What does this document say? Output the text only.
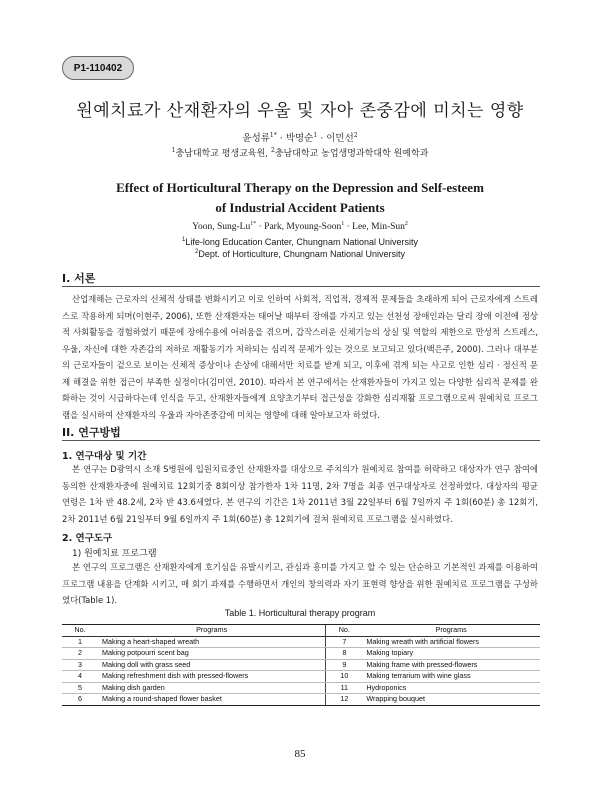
P1-110402
원예치료가 산재환자의 우울 및 자아 존중감에 미치는 영향
윤성류$^{1*}$ · 박명순$^1$ · 이민선$^2$
$^1$충남대학교 평생교육원, $^2$충남대학교 농업생명과학대학 원예학과
Effect of Horticultural Therapy on the Depression and Self-esteem
of Industrial Accident Patients
Yoon, Sung-$Lu^{1*}$ · Park, Myoung-Soon$^1$ · Lee, Min-Sun$^2$
$^1$Life-long Education Canter, Chungnam National University
$^2$Dept. of Horticulture, Chungnam National University
I. 서론
산업재해는 근로자의 신체적 상태를 변화시키고 이로 인하여 사회적, 직업적, 경제적 문제들을 초래하게 되어 근로자에게 스트레스로 작용하게 되며(이현주, 2006), 또한 산재환자는 태어날 때부터 장애를 가지고 있는 선천성 장애인과는 달리 장애 이전에 정상적 사회활동을 경험하였기 때문에 장애수용에 어려움을 겪으며, 갑작스러운 신체기능의 상실 및 역할의 제한으로 만성적 스트레스, 우울, 자신에 대한 자존감의 저하로 재활동기가 저하되는 심리적 문제가 있는 것으로 보고되고 있다(백은주, 2000). 그러나 대부분의 근로자들이 겉으로 보이는 신체적 증상이나 손상에 대해서만 치료를 받게 되고, 이후에 겪게 되는 사고로 인한 심리 · 정신적 문제 해결을 위한 접근이 부족한 실정이다(김미연, 2010). 따라서 본 연구에서는 산재환자들이 가지고 있는 다양한 심리적 문제를 완화하는 것이 시급하다는데 인식을 두고, 산재환자들에게 요양초기부터 접근성을 강화한 심리재활 프로그램으로써 원예치료 프로그램을 실시하여 산재환자의 우울과 자아존중감에 미치는 영향에 대해 알아보고자 하였다.
II. 연구방법
1. 연구대상 및 기간
본 연구는 D광역시 소재 S병원에 입원치료중인 산재환자를 대상으로 주치의가 원예치료 참여를 허락하고 대상자가 연구 참여에 동의한 산재환자중에 원예치료 12회기중 8회이상 참가한자 1차 11명, 2차 7명을 최종 연구대상자로 선정하였다. 대상자의 평균 연령은 1차 반 48.2세, 2차 반 43.6세였다. 본 연구의 기간은 1차 2011년 3월 22일부터 6월 7일까지 주 1회(60분) 총 12회기, 2차 2011년 6월 21일부터 9월 6일까지 주 1회(60분) 총 12회기에 걸쳐 원예치료 프로그램을 실시하였다.
2. 연구도구
1) 원예치료 프로그램
본 연구의 프로그램은 산재환자에게 호기심을 유발시키고, 관심과 흥미를 가지고 할 수 있는 단순하고 기본적인 과제를 이용하여 프로그램 내용을 단계화 시키고, 매 회기 과제를 수행하면서 개인의 창의력과 자기 표현력 향상을 위한 원예치료 프로그램을 구성하였다(Table 1).
Table 1. Horticultural therapy program
No.	Programs	No.	Programs
1	Making a heart-shaped wreath	7	Making wreath with artificial flowers
2	Making potpourri scent bag	8	Making topiary
3	Making doll with grass seed	9	Making frame with pressed-flowers
4	Making refreshment dish with pressed-flowers	10	Making terrarium with wine glass
5	Making dish garden	11	Hydroponics
6	Making a round-shaped flower basket	12	Wrapping bouquet
85
